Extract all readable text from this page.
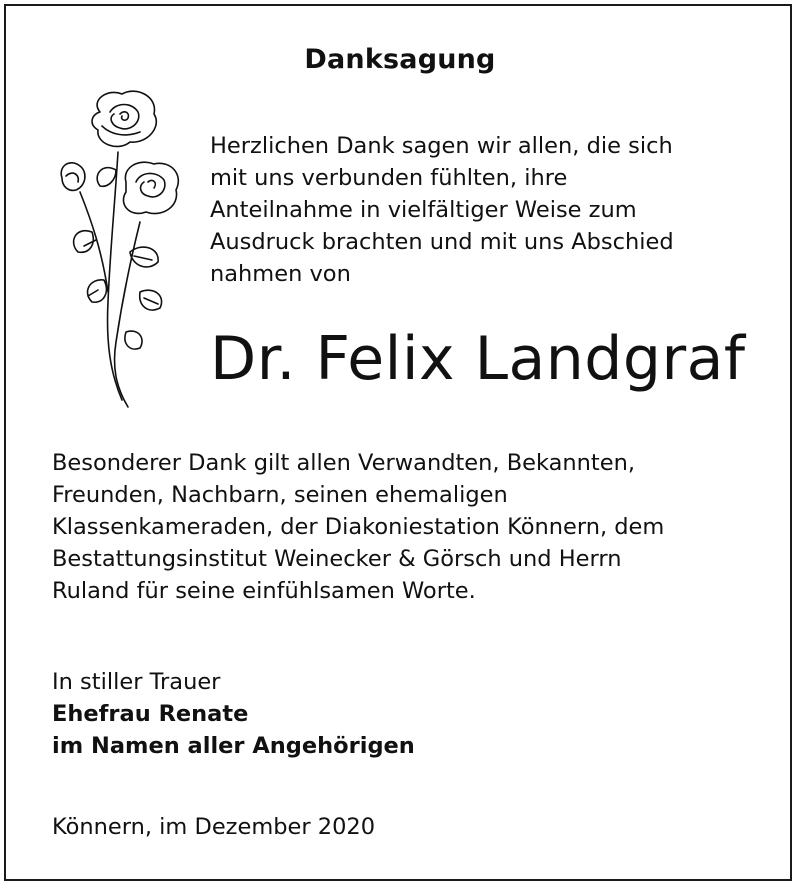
Danksagung
Herzlichen Dank sagen wir allen, die sich
mit uns verbunden fühlten, ihre
Anteilnahme in vielfältiger Weise zum
Ausdruck brachten und mit uns Abschied
nahmen von
Dr. Felix Landgraf
Besonderer Dank gilt allen Verwandten, Bekannten,
Freunden, Nachbarn, seinen ehemaligen
Klassenkameraden, der Diakoniestation Könnern, dem
Bestattungsinstitut Weinecker & Görsch und Herrn
Ruland für seine einfühlsamen Worte.
In stiller Trauer
Ehefrau Renate
im Namen aller Angehörigen
Könnern, im Dezember 2020
